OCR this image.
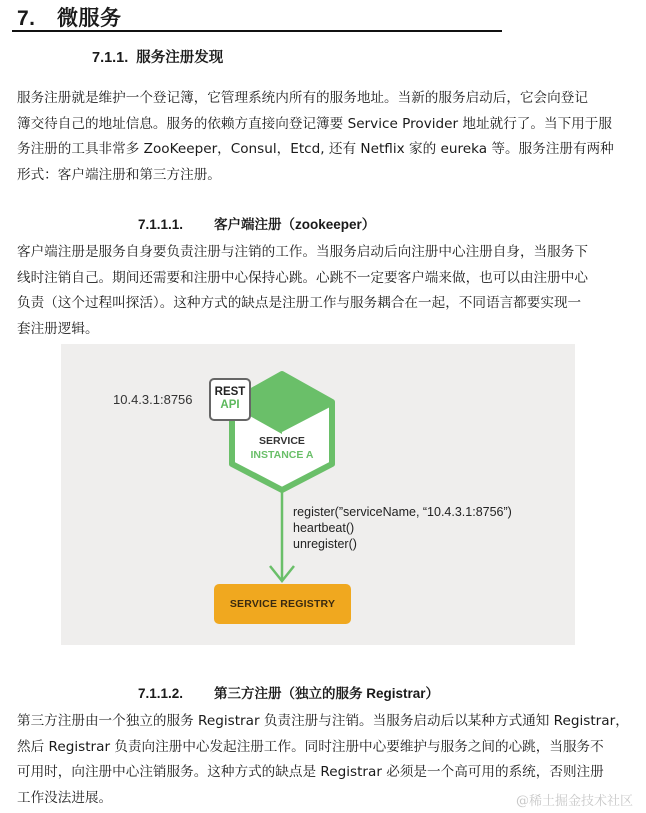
7. 微服务
7.1.1. 服务注册发现

服务注册就是维护一个登记簿，它管理系统内所有的服务地址。当新的服务启动后，它会向登记

簿交待自己的地址信息。服务的依赖方直接向登记簿要 Service Provider 地址就行了。当下用于服

务注册的工具非常多 ZooKeeper，Consul，Etcd, 还有 Netflix 家的 eureka 等。服务注册有两种

形式：客户端注册和第三方注册。

7.1.1.1. 客户端注册（zookeeper）

客户端注册是服务自身要负责注册与注销的工作。当服务启动后向注册中心注册自身，当服务下

线时注销自己。期间还需要和注册中心保持心跳。心跳不一定要客户端来做，也可以由注册中心

负责（这个过程叫探活）。这种方式的缺点是注册工作与服务耦合在一起，不同语言都要实现一

套注册逻辑。

10.4.3.1:8756	REST
API
SERVICE
INSTANCE A
register(”serviceName, “10.4.3.1:8756”)
heartbeat()
unregister()
SERVICE REGISTRY
7.1.1.2. 第三方注册（独立的服务 Registrar）

第三方注册由一个独立的服务 Registrar 负责注册与注销。当服务启动后以某种方式通知 Registrar，

然后 Registrar 负责向注册中心发起注册工作。同时注册中心要维护与服务之间的心跳，当服务不

可用时，向注册中心注销服务。这种方式的缺点是 Registrar 必须是一个高可用的系统，否则注册

工作没法进展。	@稀土掘金技术社区
